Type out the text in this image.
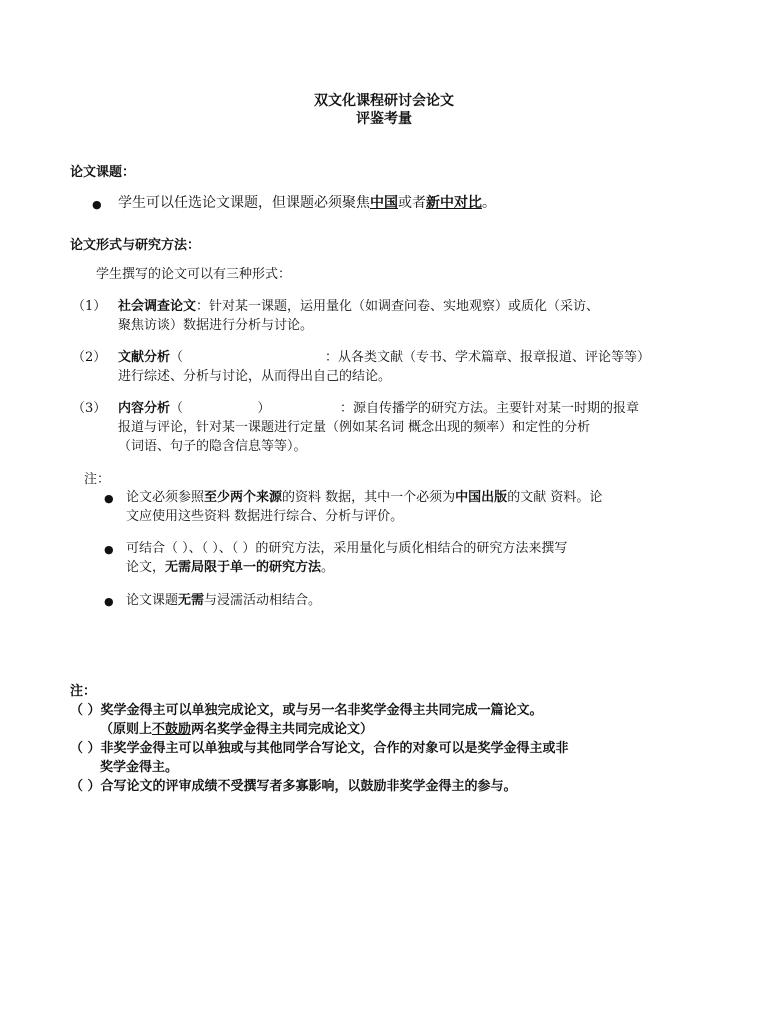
双文化课程研讨会论文
评鉴考量
论文课题：
● 学生可以任选论文课题，但课题必须聚焦中国或者新中对比。
论文形式与研究方法：
学生撰写的论文可以有三种形式：
（1） 社会调查论文：针对某一课题，运用量化（如调查问卷、实地观察）或质化（采访、
聚焦访谈）数据进行分析与讨论。
（2） 文献分析（	：从各类文献（专书、学术篇章、报章报道、评论等等）
进行综述、分析与讨论，从而得出自己的结论。
（3） 内容分析（                  ）	：源自传播学的研究方法。主要针对某一时期的报章
报道与评论，针对某一课题进行定量（例如某名词 概念出现的频率）和定性的分析
（词语、句子的隐含信息等等）。
注：
● 论文必须参照至少两个来源的资料 数据，其中一个必须为中国出版的文献 资料。论
文应使用这些资料 数据进行综合、分析与评价。
● 可结合（ ）、（ ）、（ ）的研究方法，采用量化与质化相结合的研究方法来撰写
论文，无需局限于单一的研究方法。
● 论文课题无需与浸濡活动相结合。
注：
（ ）奖学金得主可以单独完成论文，或与另一名非奖学金得主共同完成一篇论文。
（原则上不鼓励两名奖学金得主共同完成论文）
（ ）非奖学金得主可以单独或与其他同学合写论文，合作的对象可以是奖学金得主或非
奖学金得主。
（ ）合写论文的评审成绩不受撰写者多寡影响，以鼓励非奖学金得主的参与。
